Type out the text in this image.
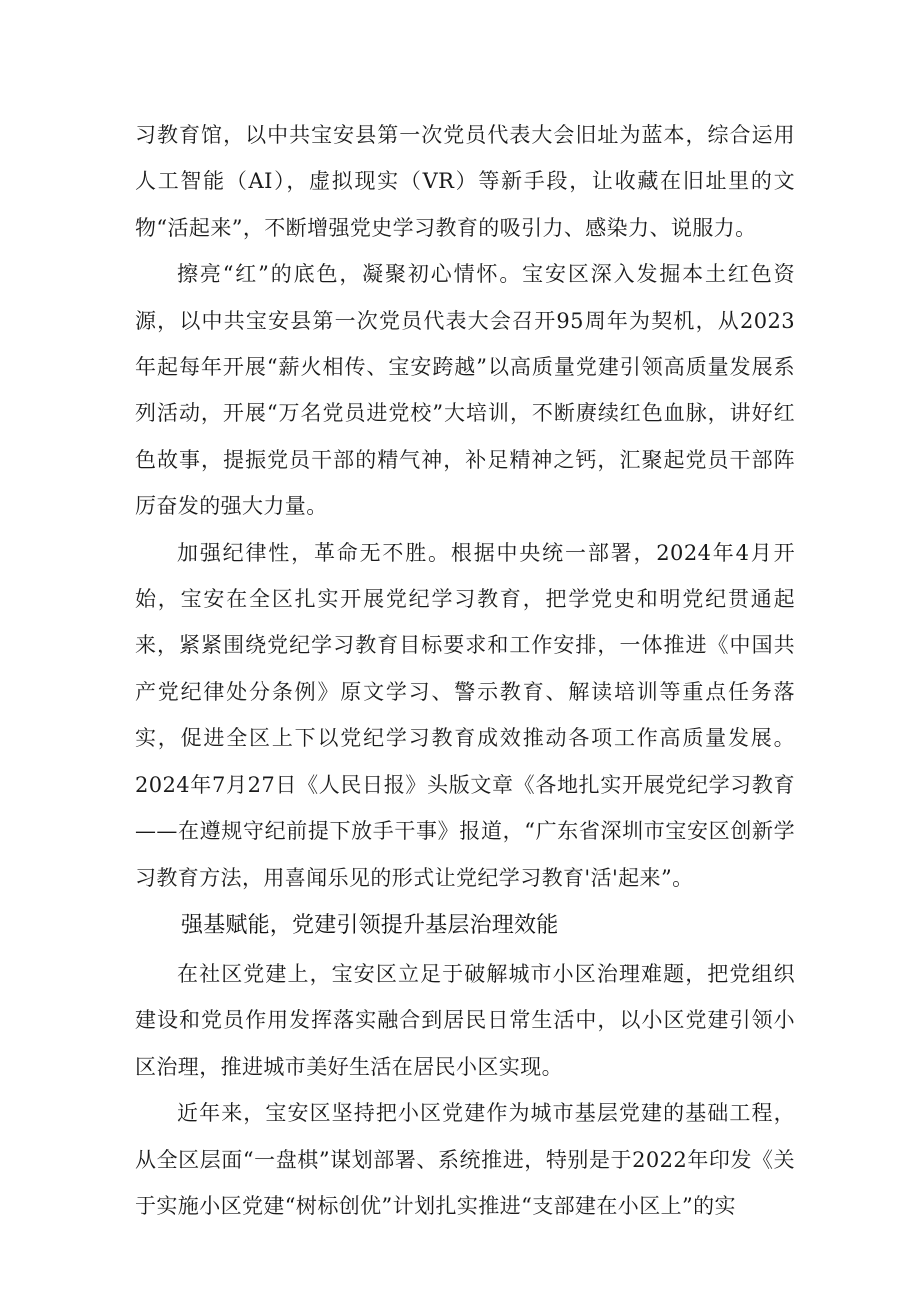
习教育馆，以中共宝安县第一次党员代表大会旧址为蓝本，综合运用人工智能（AI），虚拟现实（VR）等新手段，让收藏在旧址里的文物“活起来”，不断增强党史学习教育的吸引力、感染力、说服力。

擦亮“红”的底色，凝聚初心情怀。宝安区深入发掘本土红色资源，以中共宝安县第一次党员代表大会召开95周年为契机，从2023年起每年开展“薪火相传、宝安跨越”以高质量党建引领高质量发展系列活动，开展“万名党员进党校”大培训，不断赓续红色血脉，讲好红色故事，提振党员干部的精气神，补足精神之钙，汇聚起党员干部阵厉奋发的强大力量。

加强纪律性，革命无不胜。根据中央统一部署，2024年4月开始，宝安在全区扎实开展党纪学习教育，把学党史和明党纪贯通起来，紧紧围绕党纪学习教育目标要求和工作安排，一体推进《中国共产党纪律处分条例》原文学习、警示教育、解读培训等重点任务落实，促进全区上下以党纪学习教育成效推动各项工作高质量发展。2024年7月27日《人民日报》头版文章《各地扎实开展党纪学习教育——在遵规守纪前提下放手干事》报道，“广东省深圳市宝安区创新学习教育方法，用喜闻乐见的形式让党纪学习教育'活'起来”。

强基赋能，党建引领提升基层治理效能

在社区党建上，宝安区立足于破解城市小区治理难题，把党组织建设和党员作用发挥落实融合到居民日常生活中，以小区党建引领小区治理，推进城市美好生活在居民小区实现。

近年来，宝安区坚持把小区党建作为城市基层党建的基础工程，从全区层面“一盘棋”谋划部署、系统推进，特别是于2022年印发《关于实施小区党建“树标创优”计划扎实推进“支部建在小区上”的实
